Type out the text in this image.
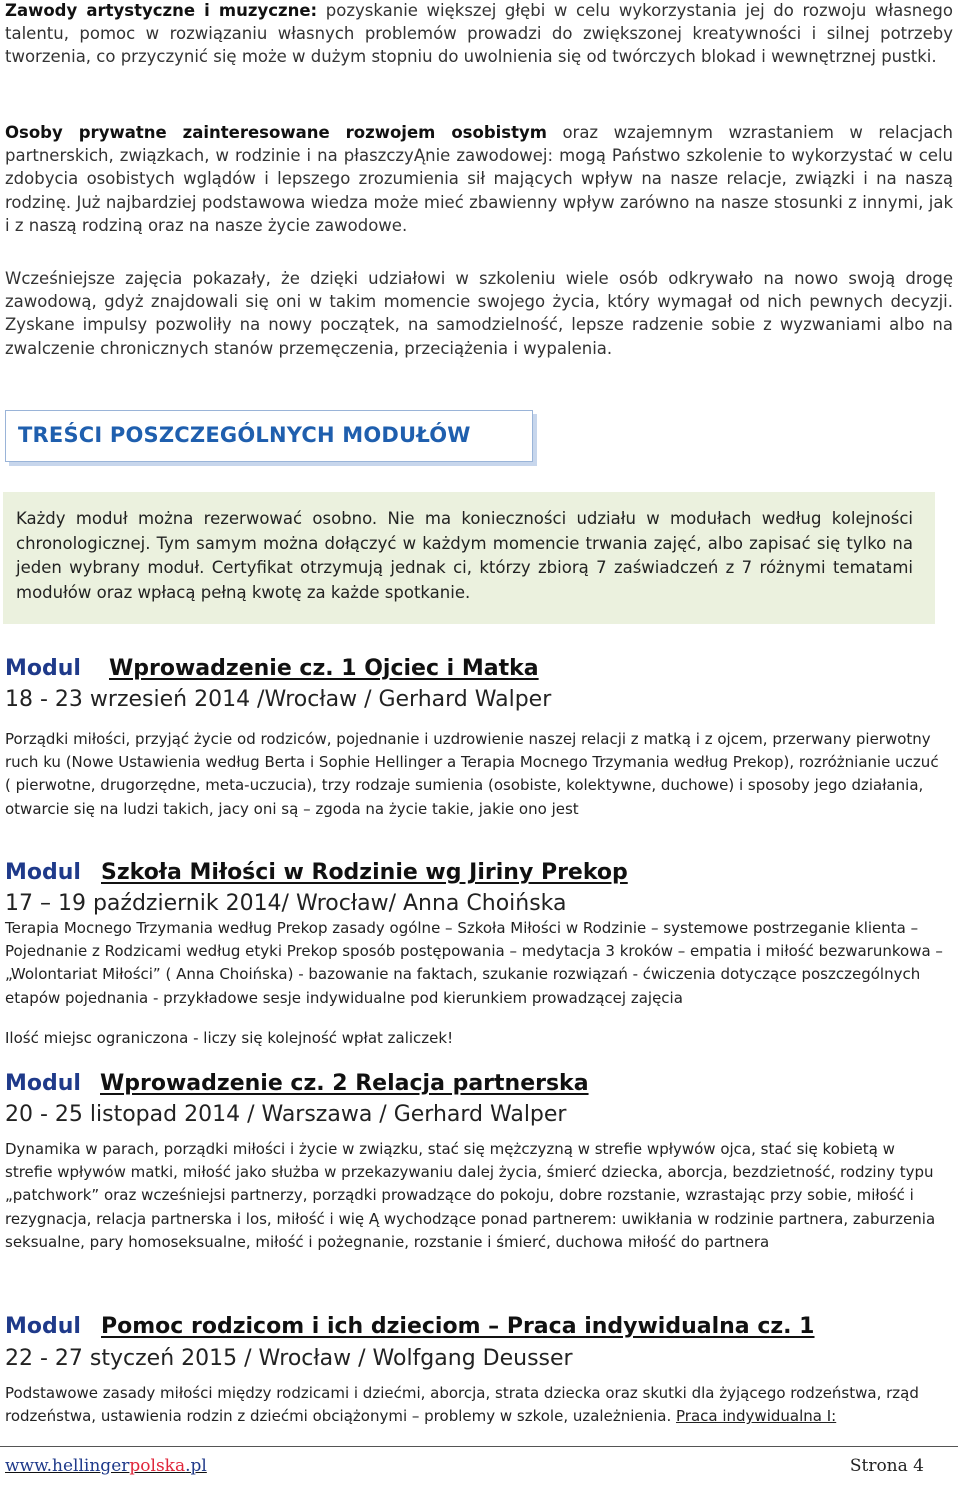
Zawody artystyczne i muzyczne: pozyskanie większej głębi w celu wykorzystania jej do rozwoju własnego talentu, pomoc w rozwiązaniu własnych problemów prowadzi do zwiększonej kreatywności i silnej potrzeby tworzenia, co przyczynić się może w dużym stopniu do uwolnienia się od twórczych blokad i wewnętrznej pustki.
Osoby prywatne zainteresowane rozwojem osobistym oraz wzajemnym wzrastaniem w relacjach partnerskich, związkach, w rodzinie i na płaszczyĄnie zawodowej: mogą Państwo szkolenie to wykorzystać w celu zdobycia osobistych wglądów i lepszego zrozumienia sił mających wpływ na nasze relacje, związki i na naszą rodzinę. Już najbardziej podstawowa wiedza może mieć zbawienny wpływ zarówno na nasze stosunki z innymi, jak i z naszą rodziną oraz na nasze życie zawodowe.
Wcześniejsze zajęcia pokazały, że dzięki udziałowi w szkoleniu wiele osób odkrywało na nowo swoją drogę zawodową, gdyż znajdowali się oni w takim momencie swojego życia, który wymagał od nich pewnych decyzji. Zyskane impulsy pozwoliły na nowy początek, na samodzielność, lepsze radzenie sobie z wyzwaniami albo na zwalczenie chronicznych stanów przemęczenia, przeciążenia i wypalenia.
TREŚCI POSZCZEGÓLNYCH MODUŁÓW
Każdy moduł można rezerwować osobno. Nie ma konieczności udziału w modułach według kolejności chronologicznej. Tym samym można dołączyć w każdym momencie trwania zajęć, albo zapisać się tylko na jeden wybrany moduł. Certyfikat otrzymują jednak ci, którzy zbiorą 7 zaświadczeń z 7 różnymi tematami modułów oraz wpłacą pełną kwotę za każde spotkanie.
Modul Wprowadzenie cz. 1 Ojciec i Matka
18 - 23 wrzesień 2014 /Wrocław / Gerhard Walper
Porządki miłości, przyjąć życie od rodziców, pojednanie i uzdrowienie naszej relacji z matką i z ojcem, przerwany pierwotny ruch ku (Nowe Ustawienia według Berta i Sophie Hellinger a Terapia Mocnego Trzymania według Prekop), rozróżnianie uczuć ( pierwotne, drugorzędne, meta-uczucia), trzy rodzaje sumienia (osobiste, kolektywne, duchowe) i sposoby jego działania, otwarcie się na ludzi takich, jacy oni są – zgoda na życie takie, jakie ono jest
Modul Szkoła Miłości w Rodzinie wg Jiriny Prekop
17 – 19 październik 2014/ Wrocław/ Anna Choińska
Terapia Mocnego Trzymania według Prekop zasady ogólne – Szkoła Miłości w Rodzinie – systemowe postrzeganie klienta – Pojednanie z Rodzicami według etyki Prekop sposób postępowania – medytacja 3 kroków – empatia i miłość bezwarunkowa – „Wolontariat Miłości” ( Anna Choińska) - bazowanie na faktach, szukanie rozwiązań - ćwiczenia dotyczące poszczególnych etapów pojednania - przykładowe sesje indywidualne pod kierunkiem prowadzącej zajęcia
Ilość miejsc ograniczona - liczy się kolejność wpłat zaliczek!
Modul Wprowadzenie cz. 2 Relacja partnerska
20 - 25 listopad 2014 / Warszawa / Gerhard Walper
Dynamika w parach, porządki miłości i życie w związku, stać się mężczyzną w strefie wpływów ojca, stać się kobietą w strefie wpływów matki, miłość jako służba w przekazywaniu dalej życia, śmierć dziecka, aborcja, bezdzietność, rodziny typu „patchwork” oraz wcześniejsi partnerzy, porządki prowadzące do pokoju, dobre rozstanie, wzrastając przy sobie, miłość i rezygnacja, relacja partnerska i los, miłość i wię Ą wychodzące ponad partnerem: uwikłania w rodzinie partnera, zaburzenia seksualne, pary homoseksualne, miłość i pożegnanie, rozstanie i śmierć, duchowa miłość do partnera
Modul Pomoc rodzicom i ich dzieciom – Praca indywidualna cz. 1
22 - 27 styczeń 2015 / Wrocław / Wolfgang Deusser
Podstawowe zasady miłości między rodzicami i dziećmi, aborcja, strata dziecka oraz skutki dla żyjącego rodzeństwa, rząd rodzeństwa, ustawienia rodzin z dziećmi obciążonymi – problemy w szkole, uzależnienia. Praca indywidualna I:
www.hellingerpolska.pl	Strona 4
